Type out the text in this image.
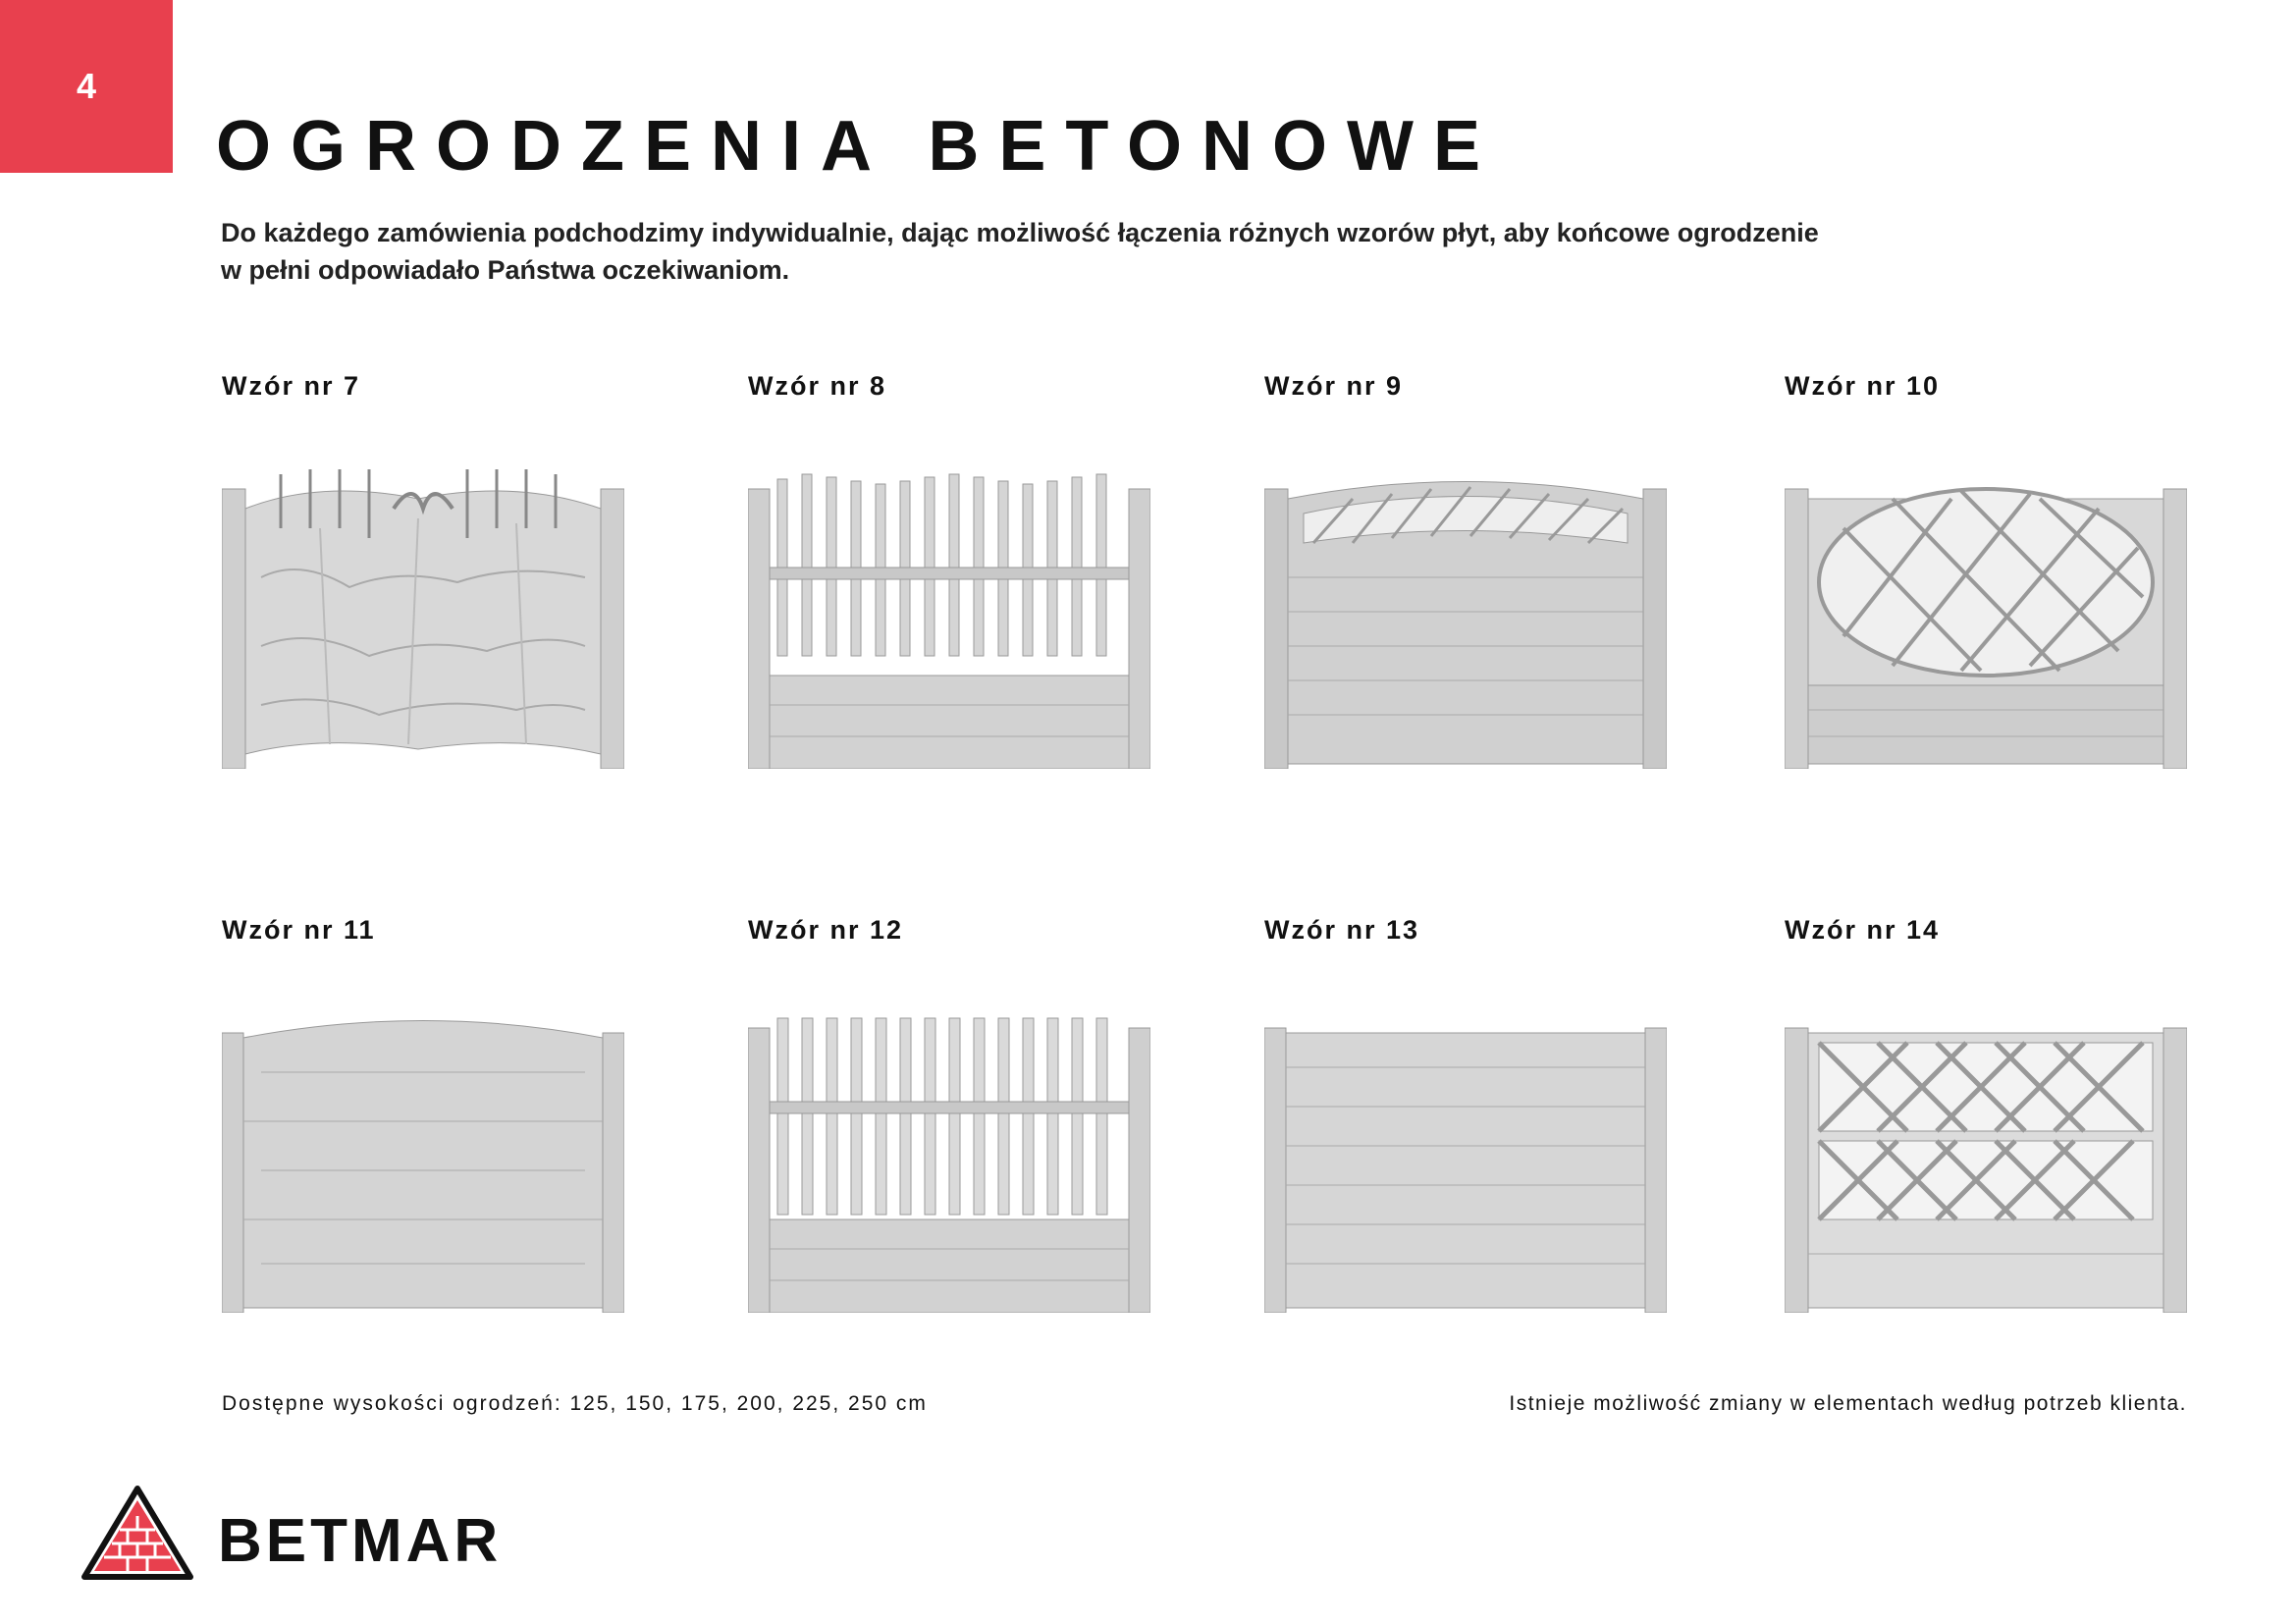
4
OGRODZENIA BETONOWE
Do każdego zamówienia podchodzimy indywidualnie, dając możliwość łączenia różnych wzorów płyt, aby końcowe ogrodzenie
w pełni odpowiadało Państwa oczekiwaniom.
Wzór nr 7	Wzór nr 8	Wzór nr 9	Wzór nr 10
Wzór nr 11	Wzór nr 12	Wzór nr 13	Wzór nr 14
Dostępne wysokości ogrodzeń: 125, 150, 175, 200, 225, 250 cm	Istnieje możliwość zmiany w elementach według potrzeb klienta.
BETMAR
